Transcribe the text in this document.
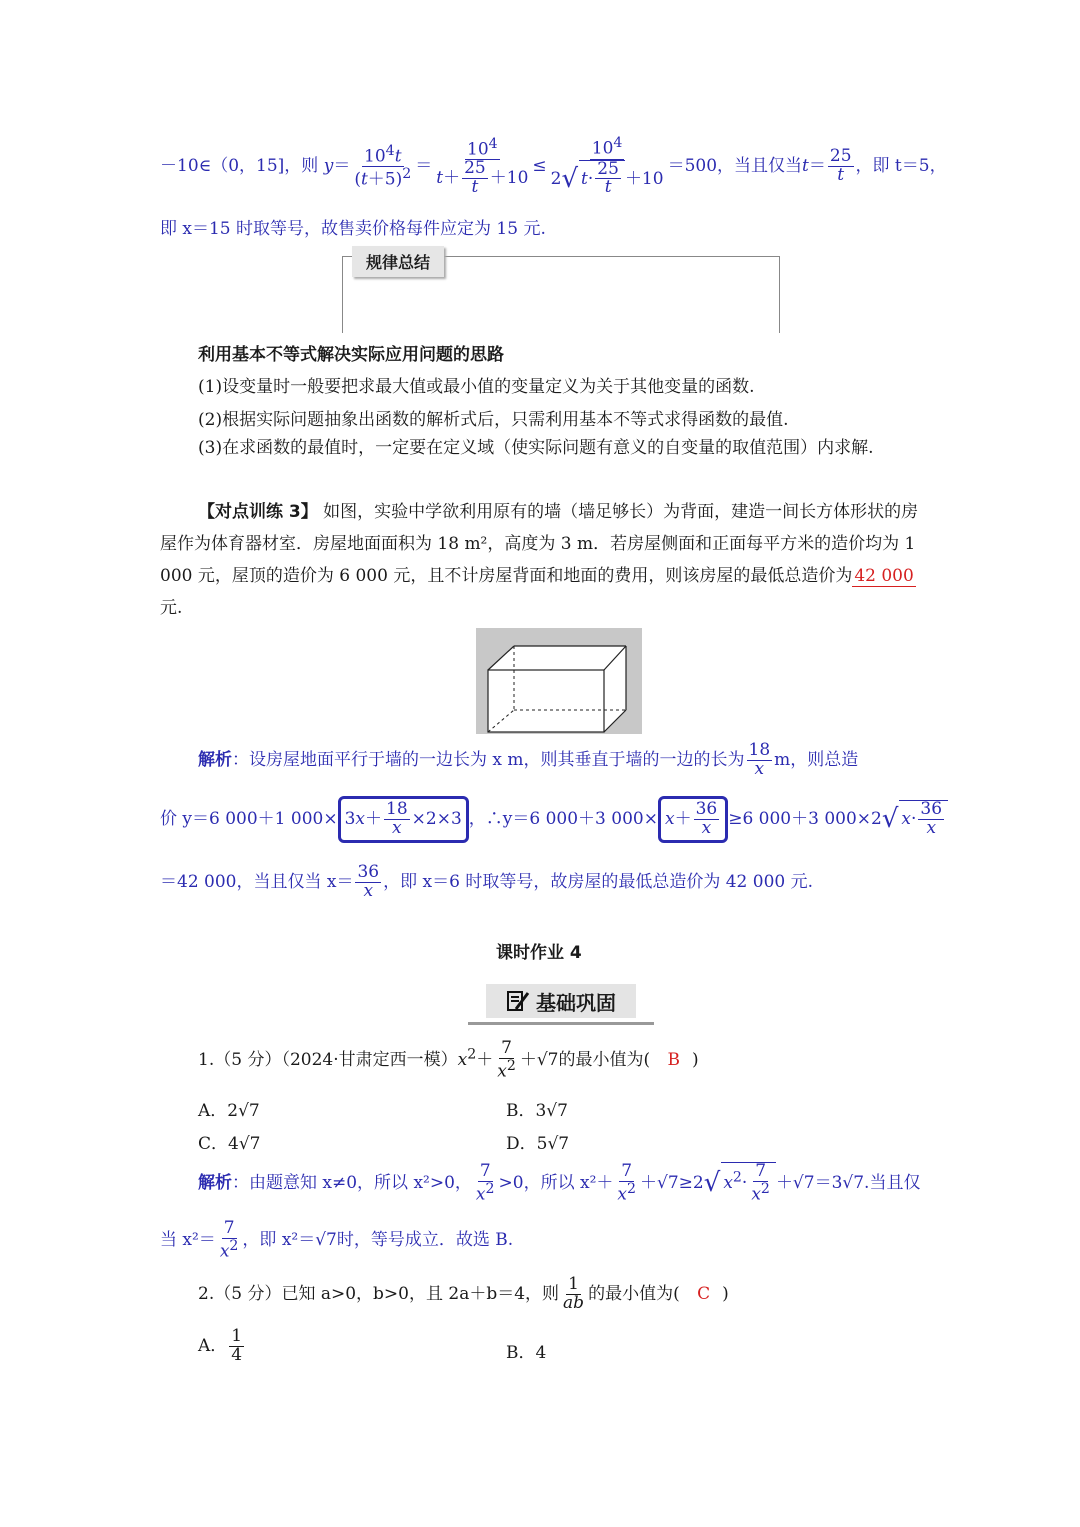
－10∈（0，15]，则 $y= \frac{10^4t}{(t+5)^2} = \frac{10^4}{t+ \frac{25}{t} +10} \le \frac{10^4}{2√ t\cdot \frac{25}{t} +10} =500$，当且仅当$t= \frac{25}{t}$ ，即 t＝5，
即 x＝15 时取等号，故售卖价格每件应定为 15 元.
规律总结
利用基本不等式解决实际应用问题的思路
(1)设变量时一般要把求最大值或最小值的变量定义为关于其他变量的函数.
(2)根据实际问题抽象出函数的解析式后，只需利用基本不等式求得函数的最值.
(3)在求函数的最值时，一定要在定义域（使实际问题有意义的自变量的取值范围）内求解.
【对点训练 3】 如图，实验中学欲利用原有的墙（墙足够长）为背面，建造一间长方体形状的房屋作为体育器材室．房屋地面面积为 18 m²，高度为 3 m．若房屋侧面和正面每平方米的造价均为 1 000 元，屋顶的造价为 6 000 元，且不计房屋背面和地面的费用，则该房屋的最低总造价为 42 000元.
解析：设房屋地面平行于墙的一边长为 x m，则其垂直于墙的一边的长为 $\frac{18}{x}$ m，则总造
价 y＝6 000＋1 $000\times 3x+ \frac{18}{x} \times 2\times 3$ ，∴y＝6 000＋3 $000\times x+ \frac{36}{x} \ge 6$ 000＋3 000×2√ $x\cdot \frac{36}{x}$
＝42 000，当且仅当 $x= \frac{36}{x}$ ，即 x＝6 时取等号，故房屋的最低总造价为 42 000 元.
课时作业 4
基础巩固
1.（5 分）（2024·甘肃定西一模）$x^2+ \frac{7}{x^2} +√7$的最小值为( B )
A．2√7	B．3√7
C．4√7	D．5√7
解析：由题意知 x≠0，所以 x²>0， $\frac{7}{x^2} >0$，所以 $x^2+ \frac{7}{x^2} +√7\ge 2√$ $x^2\cdot \frac{7}{x^2} +√7=3√7$.当且仅
当 $x^2= \frac{7}{x^2}$ ，即 x²＝√7时，等号成立．故选 B.
2.（5 分）已知 a>0，b>0，且 2a＋b＝4，则 $\frac{1}{ab}$ 的最小值为( C )
A． $\frac{1}{4}$	B．4
